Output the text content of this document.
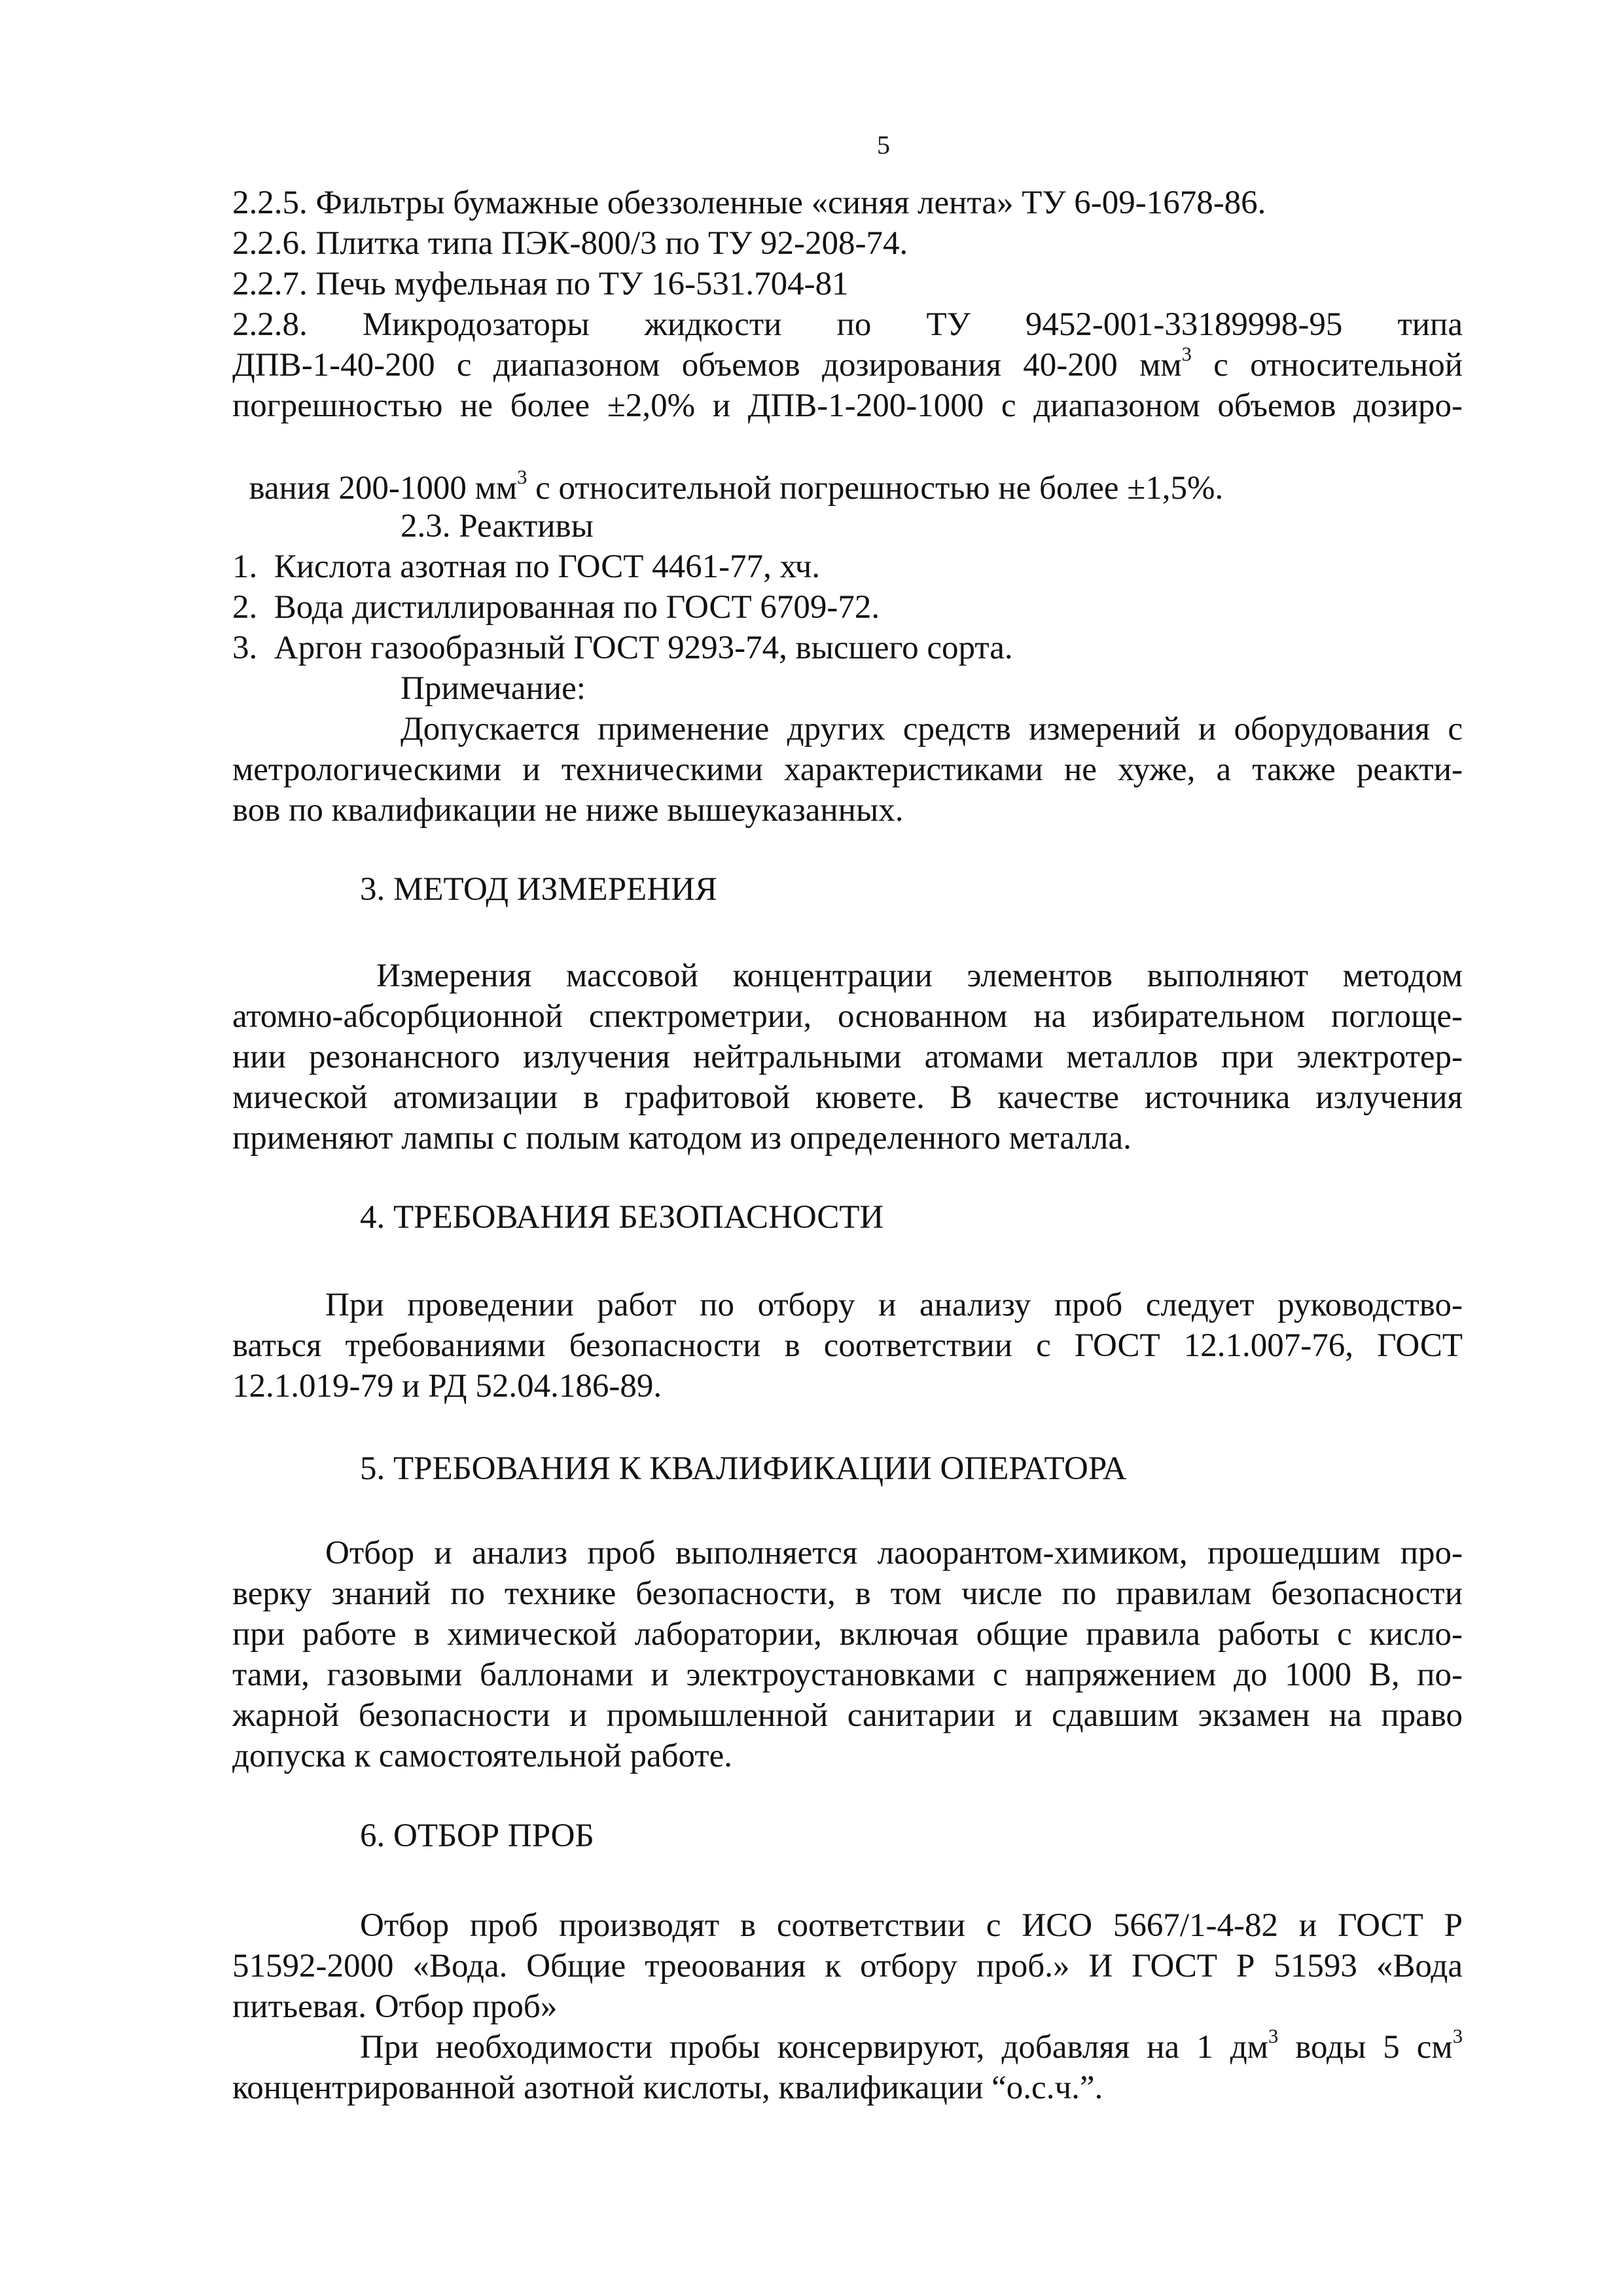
5
2.2.5. Фильтры бумажные обеззоленные «синяя лента» ТУ 6-09-1678-86.
2.2.6. Плитка типа ПЭК-800/3 по ТУ 92-208-74.
2.2.7. Печь муфельная по ТУ 16-531.704-81
2.2.8. Микродозаторы жидкости по ТУ 9452-001-33189998-95 типа
ДПВ-1-40-200 с диапазоном объемов дозирования 40-200 $мм^3$ с относительной
погрешностью не более ±2,0% и ДПВ-1-200-1000 с диапазоном объемов дозиро-

вания 200-1000 $мм^3$ с относительной погрешностью не более ±1,5%.

2.3. Реактивы
1.  Кислота азотная по ГОСТ 4461-77, хч.
2.  Вода дистиллированная по ГОСТ 6709-72.
3.  Аргон газообразный ГОСТ 9293-74, высшего сорта.
Примечание:
Допускается применение других средств измерений и оборудования с
метрологическими и техническими характеристиками не хуже, а также реакти-
вов по квалификации не ниже вышеуказанных.
3. МЕТОД ИЗМЕРЕНИЯ
Измерения массовой концентрации элементов выполняют методом
атомно-абсорбционной спектрометрии, основанном на избирательном поглоще-
нии резонансного излучения нейтральными атомами металлов при электротер-
мической атомизации в графитовой кювете. В качестве источника излучения
применяют лампы с полым катодом из определенного металла.
4. ТРЕБОВАНИЯ БЕЗОПАСНОСТИ
При проведении работ по отбору и анализу проб следует руководство-
ваться требованиями безопасности в соответствии с ГОСТ 12.1.007-76, ГОСТ
12.1.019-79 и РД 52.04.186-89.
5. ТРЕБОВАНИЯ К КВАЛИФИКАЦИИ ОПЕРАТОРА
Отбор и анализ проб выполняется лаоорантом-химиком, прошедшим про-
верку знаний по технике безопасности, в том числе по правилам безопасности
при работе в химической лаборатории, включая общие правила работы с кисло-
тами, газовыми баллонами и электроустановками с напряжением до 1000 В, по-
жарной безопасности и промышленной санитарии и сдавшим экзамен на право
допуска к самостоятельной работе.
6. ОТБОР ПРОБ
Отбор проб производят в соответствии с ИСО 5667/1-4-82 и ГОСТ Р
51592-2000 «Вода. Общие треоования к отбору проб.» И ГОСТ Р 51593 «Вода
питьевая. Отбор проб»
При необходимости пробы консервируют, добавляя на 1 $дм^3$ воды 5 $см^3$
концентрированной азотной кислоты, квалификации “о.с.ч.”.
